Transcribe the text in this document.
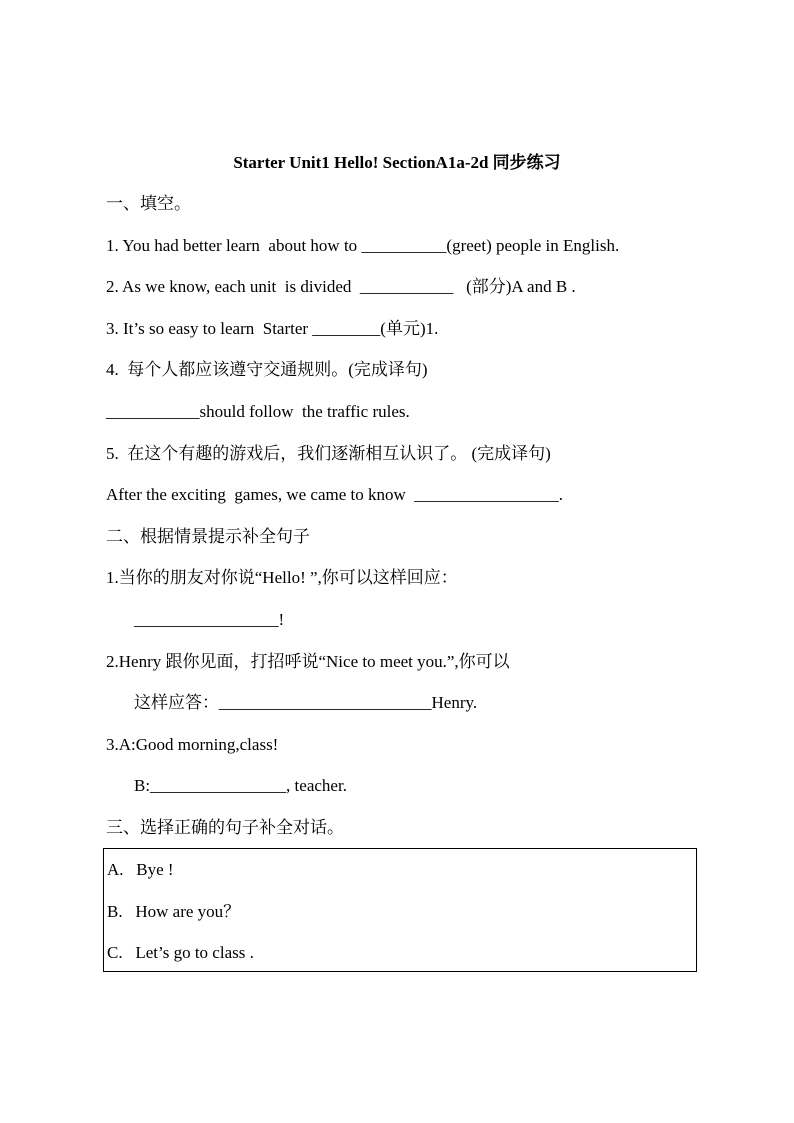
Starter Unit1 Hello! SectionA1a-2d 同步练习
一、填空。
1. You had better learn  about how to __________(greet) people in English.
2. As we know, each unit  is divided  ___________   (部分)A and B .
3. It’s so easy to learn  Starter ________(单元)1.
4.  每个人都应该遵守交通规则。(完成译句)
___________should follow  the traffic rules.
5.  在这个有趣的游戏后，我们逐渐相互认识了。 (完成译句)
After the exciting  games, we came to know  _________________.
二、根据情景提示补全句子
1.当你的朋友对你说“Hello! ”,你可以这样回应：
_________________!
2.Henry 跟你见面，打招呼说“Nice to meet you.”,你可以
这样应答：_________________________Henry.
3.A:Good morning,class!
B:________________, teacher.
三、选择正确的句子补全对话。
A.   Bye !
B.   How are you？
C.   Let’s go to class .
